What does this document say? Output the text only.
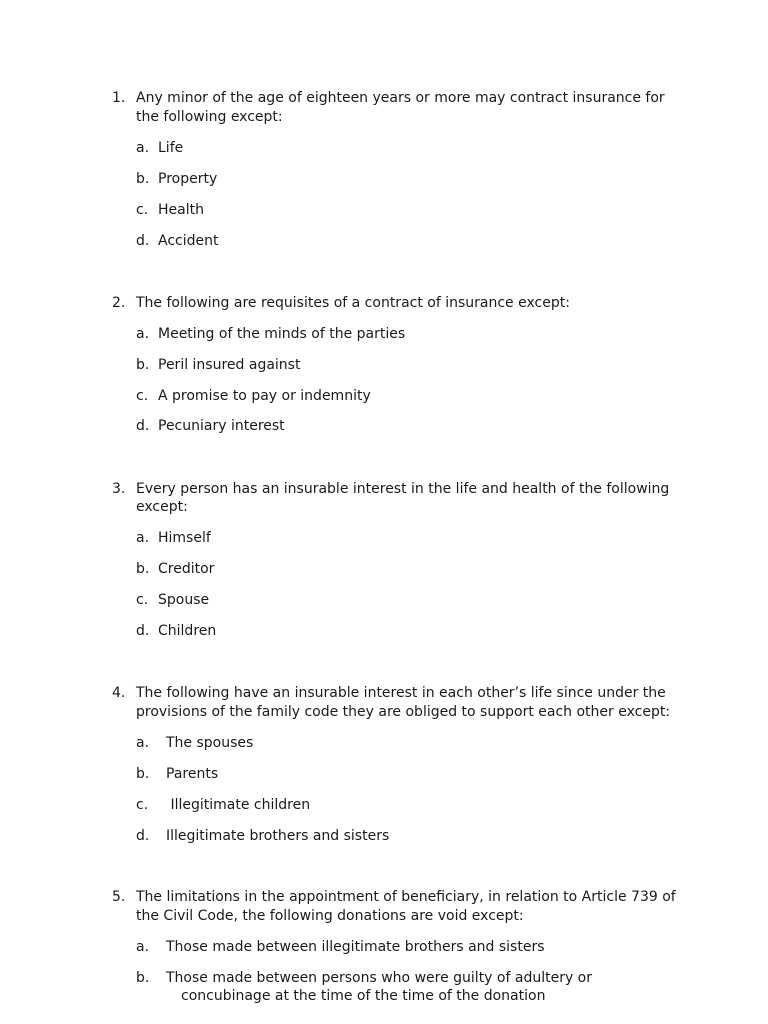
1. Any minor of the age of eighteen years or more may contract insurance for
the following except:
a. Life
b. Property
c. Health
d. Accident
2. The following are requisites of a contract of insurance except:
a. Meeting of the minds of the parties
b. Peril insured against
c. A promise to pay or indemnity
d. Pecuniary interest
3. Every person has an insurable interest in the life and health of the following
except:
a. Himself
b. Creditor
c. Spouse
d. Children
4. The following have an insurable interest in each other’s life since under the
provisions of the family code they are obliged to support each other except:
a. The spouses
b. Parents
c. Illegitimate children
d. Illegitimate brothers and sisters
5. The limitations in the appointment of beneficiary, in relation to Article 739 of
the Civil Code, the following donations are void except:
a. Those made between illegitimate brothers and sisters
b. Those made between persons who were guilty of adultery or
concubinage at the time of the time of the donation
